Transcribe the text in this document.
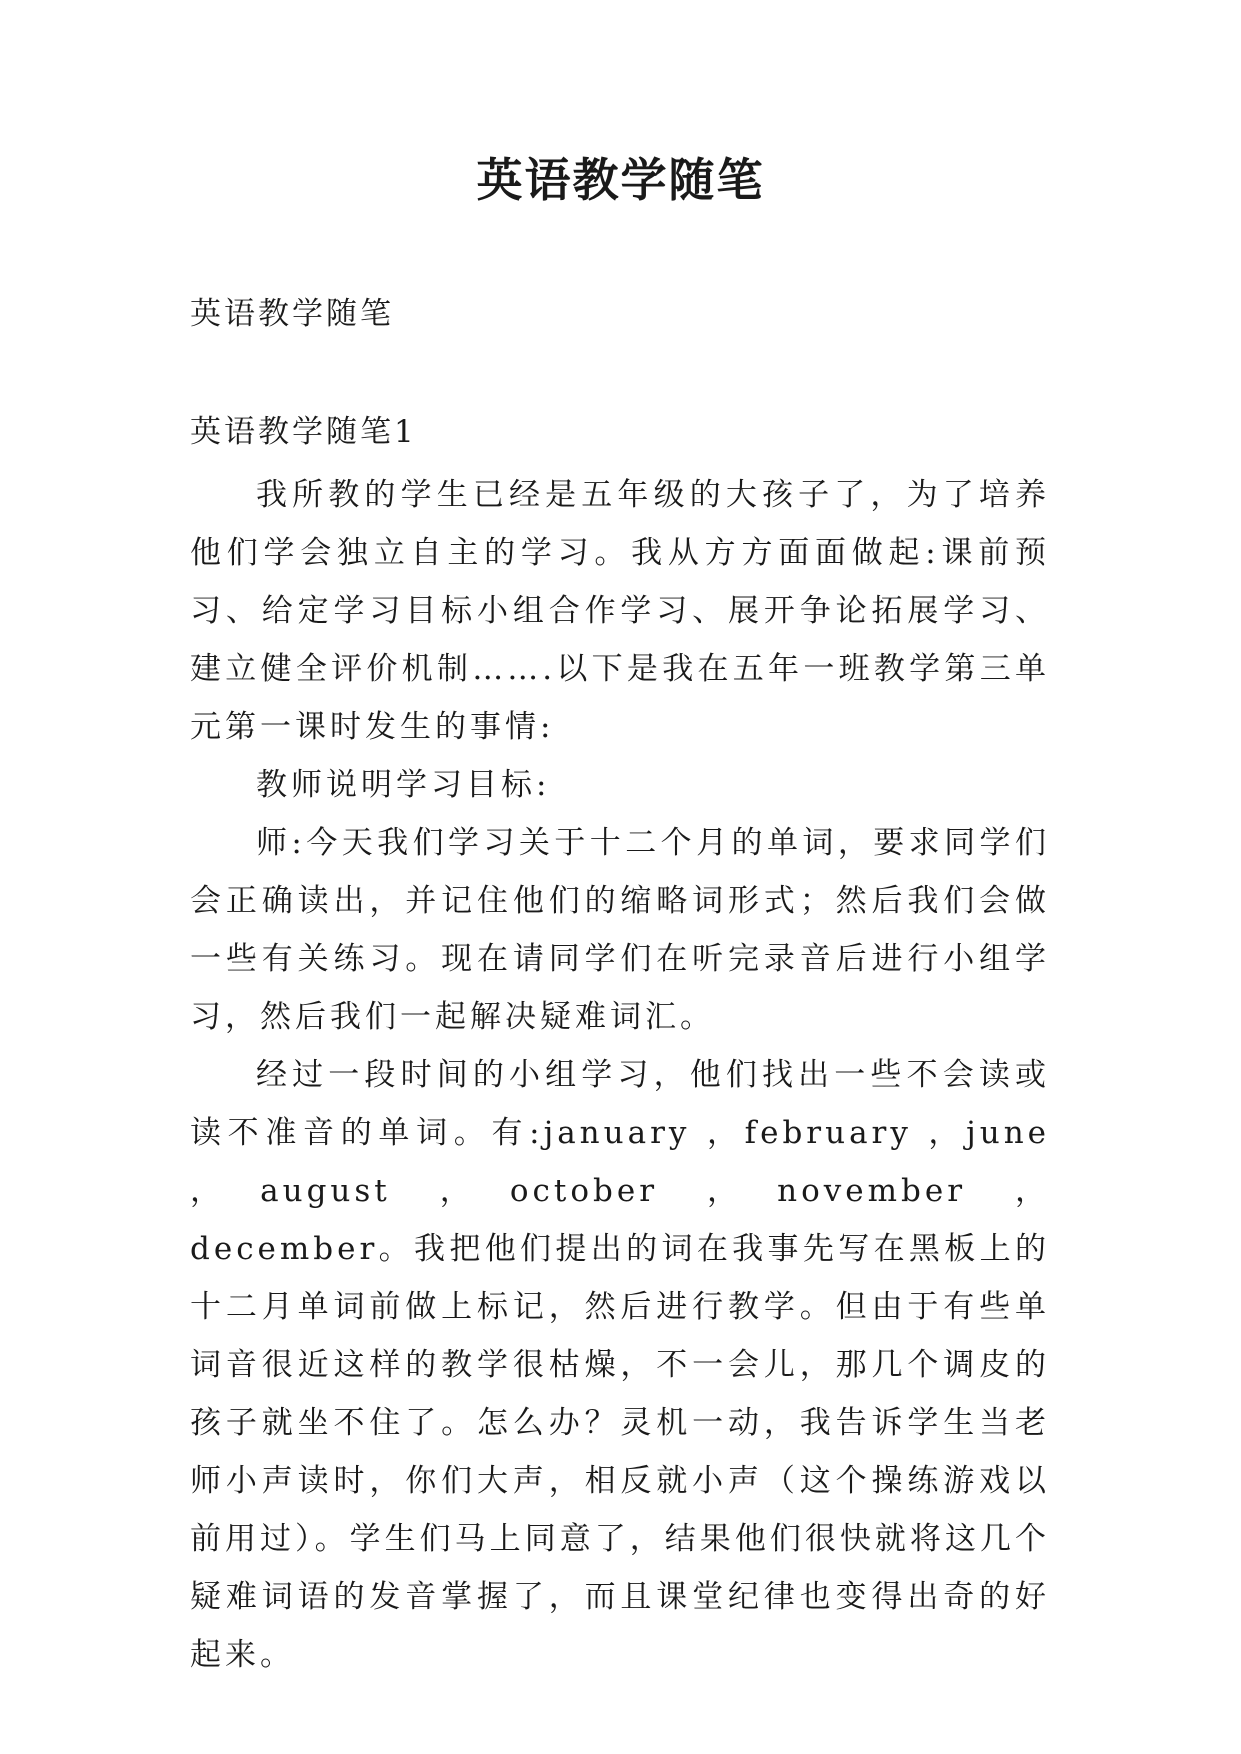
英语教学随笔
英语教学随笔
英语教学随笔1

我所教的学生已经是五年级的大孩子了，为了培养他们学会独立自主的学习。我从方方面面做起:课前预习、给定学习目标小组合作学习、展开争论拓展学习、建立健全评价机制…….以下是我在五年一班教学第三单元第一课时发生的事情:

教师说明学习目标:

师:今天我们学习关于十二个月的单词，要求同学们会正确读出，并记住他们的缩略词形式；然后我们会做一些有关练习。现在请同学们在听完录音后进行小组学习，然后我们一起解决疑难词汇。

经过一段时间的小组学习，他们找出一些不会读或读不准音的单词。有:january ，february ，june ，august ，october ，november ，december。我把他们提出的词在我事先写在黑板上的十二月单词前做上标记，然后进行教学。但由于有些单词音很近这样的教学很枯燥，不一会儿，那几个调皮的孩子就坐不住了。怎么办？灵机一动，我告诉学生当老师小声读时，你们大声，相反就小声（这个操练游戏以前用过）。学生们马上同意了，结果他们很快就将这几个疑难词语的发音掌握了，而且课堂纪律也变得出奇的好起来。
